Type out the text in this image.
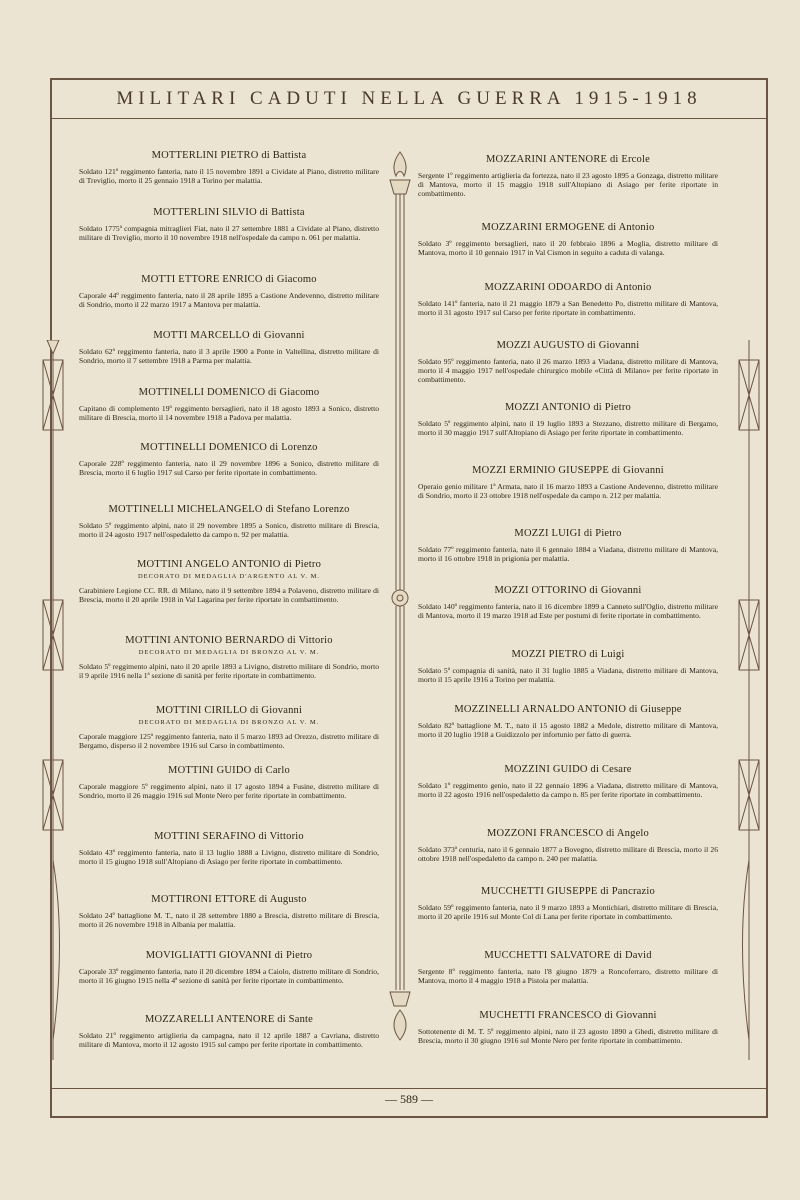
MILITARI CADUTI NELLA GUERRA 1915-1918

MOTTERLINI PIETRO di Battista

Soldato 121º reggimento fanteria, nato il 15 novembre 1891 a Cividate al Piano, distretto militare di Treviglio, morto il 25 gennaio 1918 a Torino per malattia.

MOTTERLINI SILVIO di Battista

Soldato 1775ª compagnia mitraglieri Fiat, nato il 27 settembre 1881 a Cividate al Piano, distretto militare di Treviglio, morto il 10 novembre 1918 nell'ospedale da campo n. 061 per malattia.

MOTTI ETTORE ENRICO di Giacomo

Caporale 44º reggimento fanteria, nato il 28 aprile 1895 a Castione Andevenno, distretto militare di Sondrio, morto il 22 marzo 1917 a Mantova per malattia.

MOTTI MARCELLO di Giovanni

Soldato 62º reggimento fanteria, nato il 3 aprile 1900 a Ponte in Valtellina, distretto militare di Sondrio, morto il 7 settembre 1918 a Parma per malattia.

MOTTINELLI DOMENICO di Giacomo

Capitano di complemento 19º reggimento bersaglieri, nato il 18 agosto 1893 a Sonico, distretto militare di Brescia, morto il 14 novembre 1918 a Padova per malattia.

MOTTINELLI DOMENICO di Lorenzo

Caporale 228º reggimento fanteria, nato il 29 novembre 1896 a Sonico, distretto militare di Brescia, morto il 6 luglio 1917 sul Carso per ferite riportate in combattimento.

MOTTINELLI MICHELANGELO di Stefano Lorenzo

Soldato 5º reggimento alpini, nato il 29 novembre 1895 a Sonico, distretto militare di Brescia, morto il 24 agosto 1917 nell'ospedaletto da campo n. 92 per malattia.

MOTTINI ANGELO ANTONIO di Pietro

DECORATO DI MEDAGLIA D'ARGENTO AL V. M.

Carabiniere Legione CC. RR. di Milano, nato il 9 settembre 1894 a Polaveno, distretto militare di Brescia, morto il 20 aprile 1918 in Val Lagarina per ferite riportate in combattimento.

MOTTINI ANTONIO BERNARDO di Vittorio

DECORATO DI MEDAGLIA DI BRONZO AL V. M.

Soldato 5º reggimento alpini, nato il 20 aprile 1893 a Livigno, distretto militare di Sondrio, morto il 9 aprile 1916 nella 1ª sezione di sanità per ferite riportate in combattimento.

MOTTINI CIRILLO di Giovanni

DECORATO DI MEDAGLIA DI BRONZO AL V. M.

Caporale maggiore 125º reggimento fanteria, nato il 5 marzo 1893 ad Orezzo, distretto militare di Bergamo, disperso il 2 novembre 1916 sul Carso in combattimento.

MOTTINI GUIDO di Carlo

Caporale maggiore 5º reggimento alpini, nato il 17 agosto 1894 a Fusine, distretto militare di Sondrio, morto il 26 maggio 1916 sul Monte Nero per ferite riportate in combattimento.

MOTTINI SERAFINO di Vittorio

Soldato 43º reggimento fanteria, nato il 13 luglio 1888 a Livigno, distretto militare di Sondrio, morto il 15 giugno 1918 sull'Altopiano di Asiago per ferite riportate in combattimento.

MOTTIRONI ETTORE di Augusto

Soldato 24º battaglione M. T., nato il 28 settembre 1880 a Brescia, distretto militare di Brescia, morto il 26 novembre 1918 in Albania per malattia.

MOVIGLIATTI GIOVANNI di Pietro

Caporale 33º reggimento fanteria, nato il 20 dicembre 1894 a Caiolo, distretto militare di Sondrio, morto il 16 giugno 1915 nella 4ª sezione di sanità per ferite riportate in combattimento.

MOZZARELLI ANTENORE di Sante

Soldato 21º reggimento artiglieria da campagna, nato il 12 aprile 1887 a Cavriana, distretto militare di Mantova, morto il 12 agosto 1915 sul campo per ferite riportate in combattimento.

MOZZARINI ANTENORE di Ercole

Sergente 1º reggimento artiglieria da fortezza, nato il 23 agosto 1895 a Gonzaga, distretto militare di Mantova, morto il 15 maggio 1918 sull'Altopiano di Asiago per ferite riportate in combattimento.

MOZZARINI ERMOGENE di Antonio

Soldato 3º reggimento bersaglieri, nato il 20 febbraio 1896 a Moglia, distretto militare di Mantova, morto il 10 gennaio 1917 in Val Cismon in seguito a caduta di valanga.

MOZZARINI ODOARDO di Antonio

Soldato 141º fanteria, nato il 21 maggio 1879 a San Benedetto Po, distretto militare di Mantova, morto il 31 agosto 1917 sul Carso per ferite riportate in combattimento.

MOZZI AUGUSTO di Giovanni

Soldato 95º reggimento fanteria, nato il 26 marzo 1893 a Viadana, distretto militare di Mantova, morto il 4 maggio 1917 nell'ospedale chirurgico mobile «Città di Milano» per ferite riportate in combattimento.

MOZZI ANTONIO di Pietro

Soldato 5º reggimento alpini, nato il 19 luglio 1893 a Stezzano, distretto militare di Bergamo, morto il 30 maggio 1917 sull'Altopiano di Asiago per ferite riportate in combattimento.

MOZZI ERMINIO GIUSEPPE di Giovanni

Operaio genio militare 1ª Armata, nato il 16 marzo 1893 a Castione Andevenno, distretto militare di Sondrio, morto il 23 ottobre 1918 nell'ospedale da campo n. 212 per malattia.

MOZZI LUIGI di Pietro

Soldato 77º reggimento fanteria, nato il 6 gennaio 1884 a Viadana, distretto militare di Mantova, morto il 16 ottobre 1918 in prigionia per malattia.

MOZZI OTTORINO di Giovanni

Soldato 140º reggimento fanteria, nato il 16 dicembre 1899 a Canneto sull'Oglio, distretto militare di Mantova, morto il 19 marzo 1918 ad Este per postumi di ferite riportate in combattimento.

MOZZI PIETRO di Luigi

Soldato 5ª compagnia di sanità, nato il 31 luglio 1885 a Viadana, distretto militare di Mantova, morto il 15 aprile 1916 a Torino per malattia.

MOZZINELLI ARNALDO ANTONIO di Giuseppe

Soldato 82º battaglione M. T., nato il 15 agosto 1882 a Medole, distretto militare di Mantova, morto il 20 luglio 1918 a Guidizzolo per infortunio per fatto di guerra.

MOZZINI GUIDO di Cesare

Soldato 1º reggimento genio, nato il 22 gennaio 1896 a Viadana, distretto militare di Mantova, morto il 22 agosto 1916 nell'ospedaletto da campo n. 85 per ferite riportate in combattimento.

MOZZONI FRANCESCO di Angelo

Soldato 373ª centuria, nato il 6 gennaio 1877 a Bovegno, distretto militare di Brescia, morto il 26 ottobre 1918 nell'ospedaletto da campo n. 240 per malattia.

MUCCHETTI GIUSEPPE di Pancrazio

Soldato 59º reggimento fanteria, nato il 9 marzo 1893 a Montichiari, distretto militare di Brescia, morto il 20 aprile 1916 sul Monte Col di Lana per ferite riportate in combattimento.

MUCCHETTI SALVATORE di David

Sergente 8º reggimento fanteria, nato l'8 giugno 1879 a Roncoferraro, distretto militare di Mantova, morto il 4 maggio 1918 a Pistoia per malattia.

MUCHETTI FRANCESCO di Giovanni

Sottotenente di M. T. 5º reggimento alpini, nato il 23 agosto 1890 a Ghedi, distretto militare di Brescia, morto il 30 giugno 1916 sul Monte Nero per ferite riportate in combattimento.

— 589 —
